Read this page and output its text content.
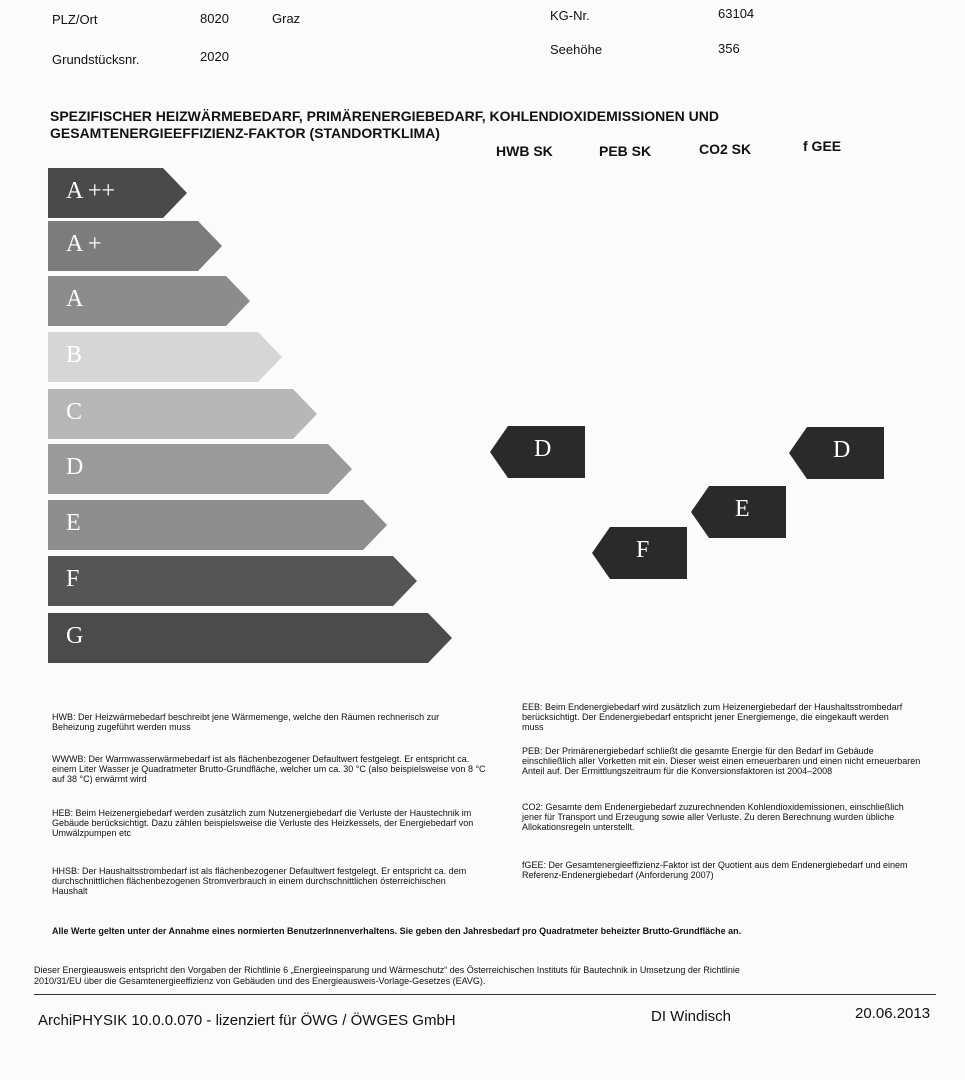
PLZ/Ort	8020	Graz
Grundstücksnr.	2020
KG-Nr.	63104
Seehöhe	356
SPEZIFISCHER HEIZWÄRMEBEDARF, PRIMÄRENERGIEBEDARF, KOHLENDIOXIDEMISSIONEN UND
GESAMTENERGIEEFFIZIENZ-FAKTOR (STANDORTKLIMA)
HWB SK	PEB SK	CO2 SK	f GEE
A ++
A +
A
B
C
D
E
F
G
D
F
E
D
HWB: Der Heizwärmebedarf beschreibt jene Wärmemenge, welche den Räumen rechnerisch zur Beheizung zugeführt werden muss
WWWB: Der Warmwasserwärmebedarf ist als flächenbezogener Defaultwert festgelegt. Er entspricht ca. einem Liter Wasser je Quadratmeter Brutto-Grundfläche, welcher um ca. 30 °C (also beispielsweise von 8 °C auf 38 °C) erwärmt wird
HEB: Beim Heizenergiebedarf werden zusätzlich zum Nutzenergiebedarf die Verluste der Haustechnik im Gebäude berücksichtigt. Dazu zählen beispielsweise die Verluste des Heizkessels, der Energiebedarf von Umwälzpumpen etc
HHSB: Der Haushaltsstrombedarf ist als flächenbezogener Defaultwert festgelegt. Er entspricht ca. dem durchschnittlichen flächenbezogenen Stromverbrauch in einem durchschnittlichen österreichischen Haushalt
EEB: Beim Endenergiebedarf wird zusätzlich zum Heizenergiebedarf der Haushaltsstrombedarf berücksichtigt. Der Endenergiebedarf entspricht jener Energiemenge, die eingekauft werden muss
PEB: Der Primärenergiebedarf schließt die gesamte Energie für den Bedarf im Gebäude einschließlich aller Vorketten mit ein. Dieser weist einen erneuerbaren und einen nicht erneuerbaren Anteil auf. Der Ermittlungszeitraum für die Konversionsfaktoren ist 2004–2008
CO2: Gesamte dem Endenergiebedarf zuzurechnenden Kohlendioxidemissionen, einschließlich jener für Transport und Erzeugung sowie aller Verluste. Zu deren Berechnung wurden übliche Allokationsregeln unterstellt.
fGEE: Der Gesamtenergieeffizienz-Faktor ist der Quotient aus dem Endenergiebedarf und einem Referenz-Endenergiebedarf (Anforderung 2007)
Alle Werte gelten unter der Annahme eines normierten BenutzerInnenverhaltens. Sie geben den Jahresbedarf pro Quadratmeter beheizter Brutto-Grundfläche an.
Dieser Energieausweis entspricht den Vorgaben der Richtlinie 6 „Energieeinsparung und Wärmeschutz“ des Österreichischen Instituts für Bautechnik in Umsetzung der Richtlinie
2010/31/EU über die Gesamtenergieeffizienz von Gebäuden und des Energieausweis-Vorlage-Gesetzes (EAVG).
ArchiPHYSIK 10.0.0.070 - lizenziert für ÖWG / ÖWGES GmbH	DI Windisch	20.06.2013
